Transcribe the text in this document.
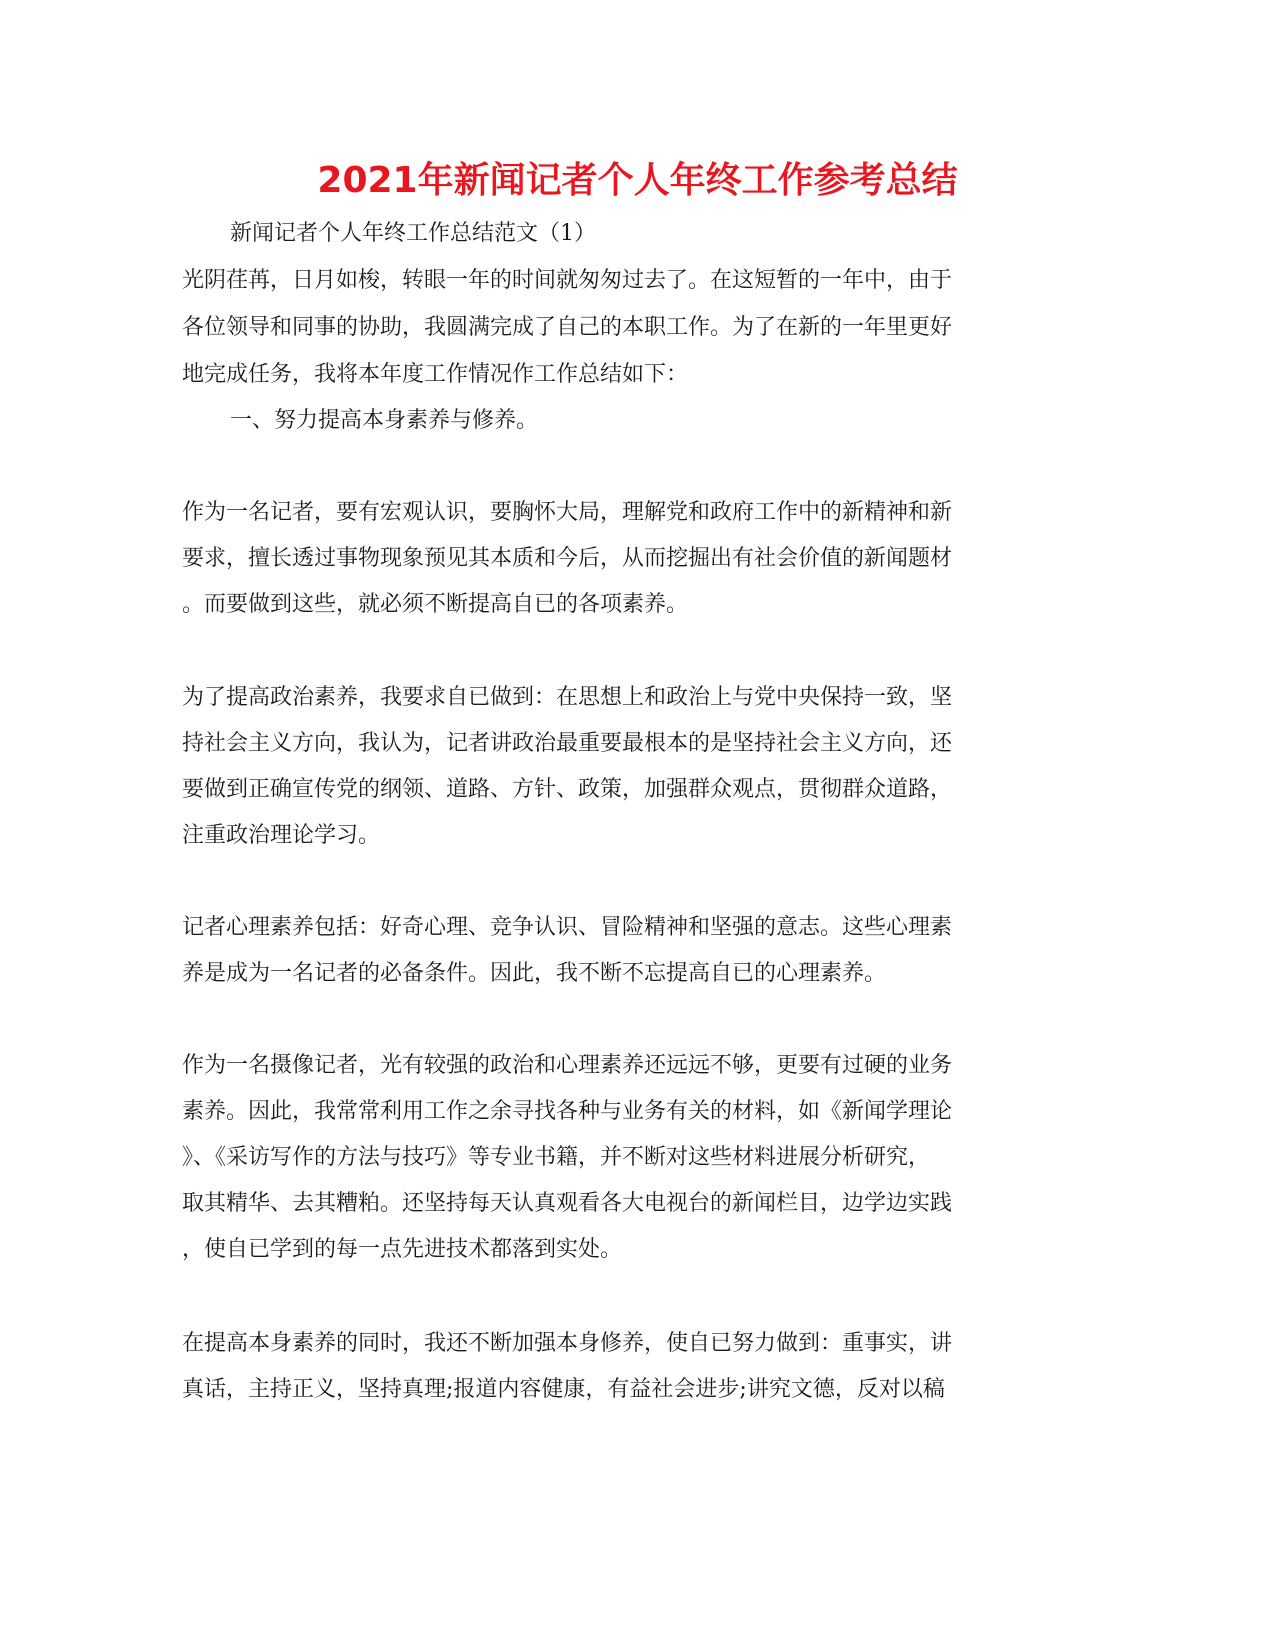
2021年新闻记者个人年终工作参考总结

新闻记者个人年终工作总结范文（1）

光阴荏苒，日月如梭，转眼一年的时间就匆匆过去了。在这短暂的一年中，由于

各位领导和同事的协助，我圆满完成了自己的本职工作。为了在新的一年里更好

地完成任务，我将本年度工作情况作工作总结如下：

一、努力提高本身素养与修养。

作为一名记者，要有宏观认识，要胸怀大局，理解党和政府工作中的新精神和新

要求，擅长透过事物现象预见其本质和今后，从而挖掘出有社会价值的新闻题材

。而要做到这些，就必须不断提高自已的各项素养。

为了提高政治素养，我要求自已做到：在思想上和政治上与党中央保持一致，坚

持社会主义方向，我认为，记者讲政治最重要最根本的是坚持社会主义方向，还

要做到正确宣传党的纲领、道路、方针、政策，加强群众观点，贯彻群众道路，

注重政治理论学习。

记者心理素养包括：好奇心理、竞争认识、冒险精神和坚强的意志。这些心理素

养是成为一名记者的必备条件。因此，我不断不忘提高自已的心理素养。

作为一名摄像记者，光有较强的政治和心理素养还远远不够，更要有过硬的业务

素养。因此，我常常利用工作之余寻找各种与业务有关的材料，如《新闻学理论

》、《采访写作的方法与技巧》等专业书籍，并不断对这些材料进展分析研究，

取其精华、去其糟粕。还坚持每天认真观看各大电视台的新闻栏目，边学边实践

，使自已学到的每一点先进技术都落到实处。

在提高本身素养的同时，我还不断加强本身修养，使自已努力做到：重事实，讲

真话，主持正义，坚持真理;报道内容健康，有益社会进步;讲究文德，反对以稿
